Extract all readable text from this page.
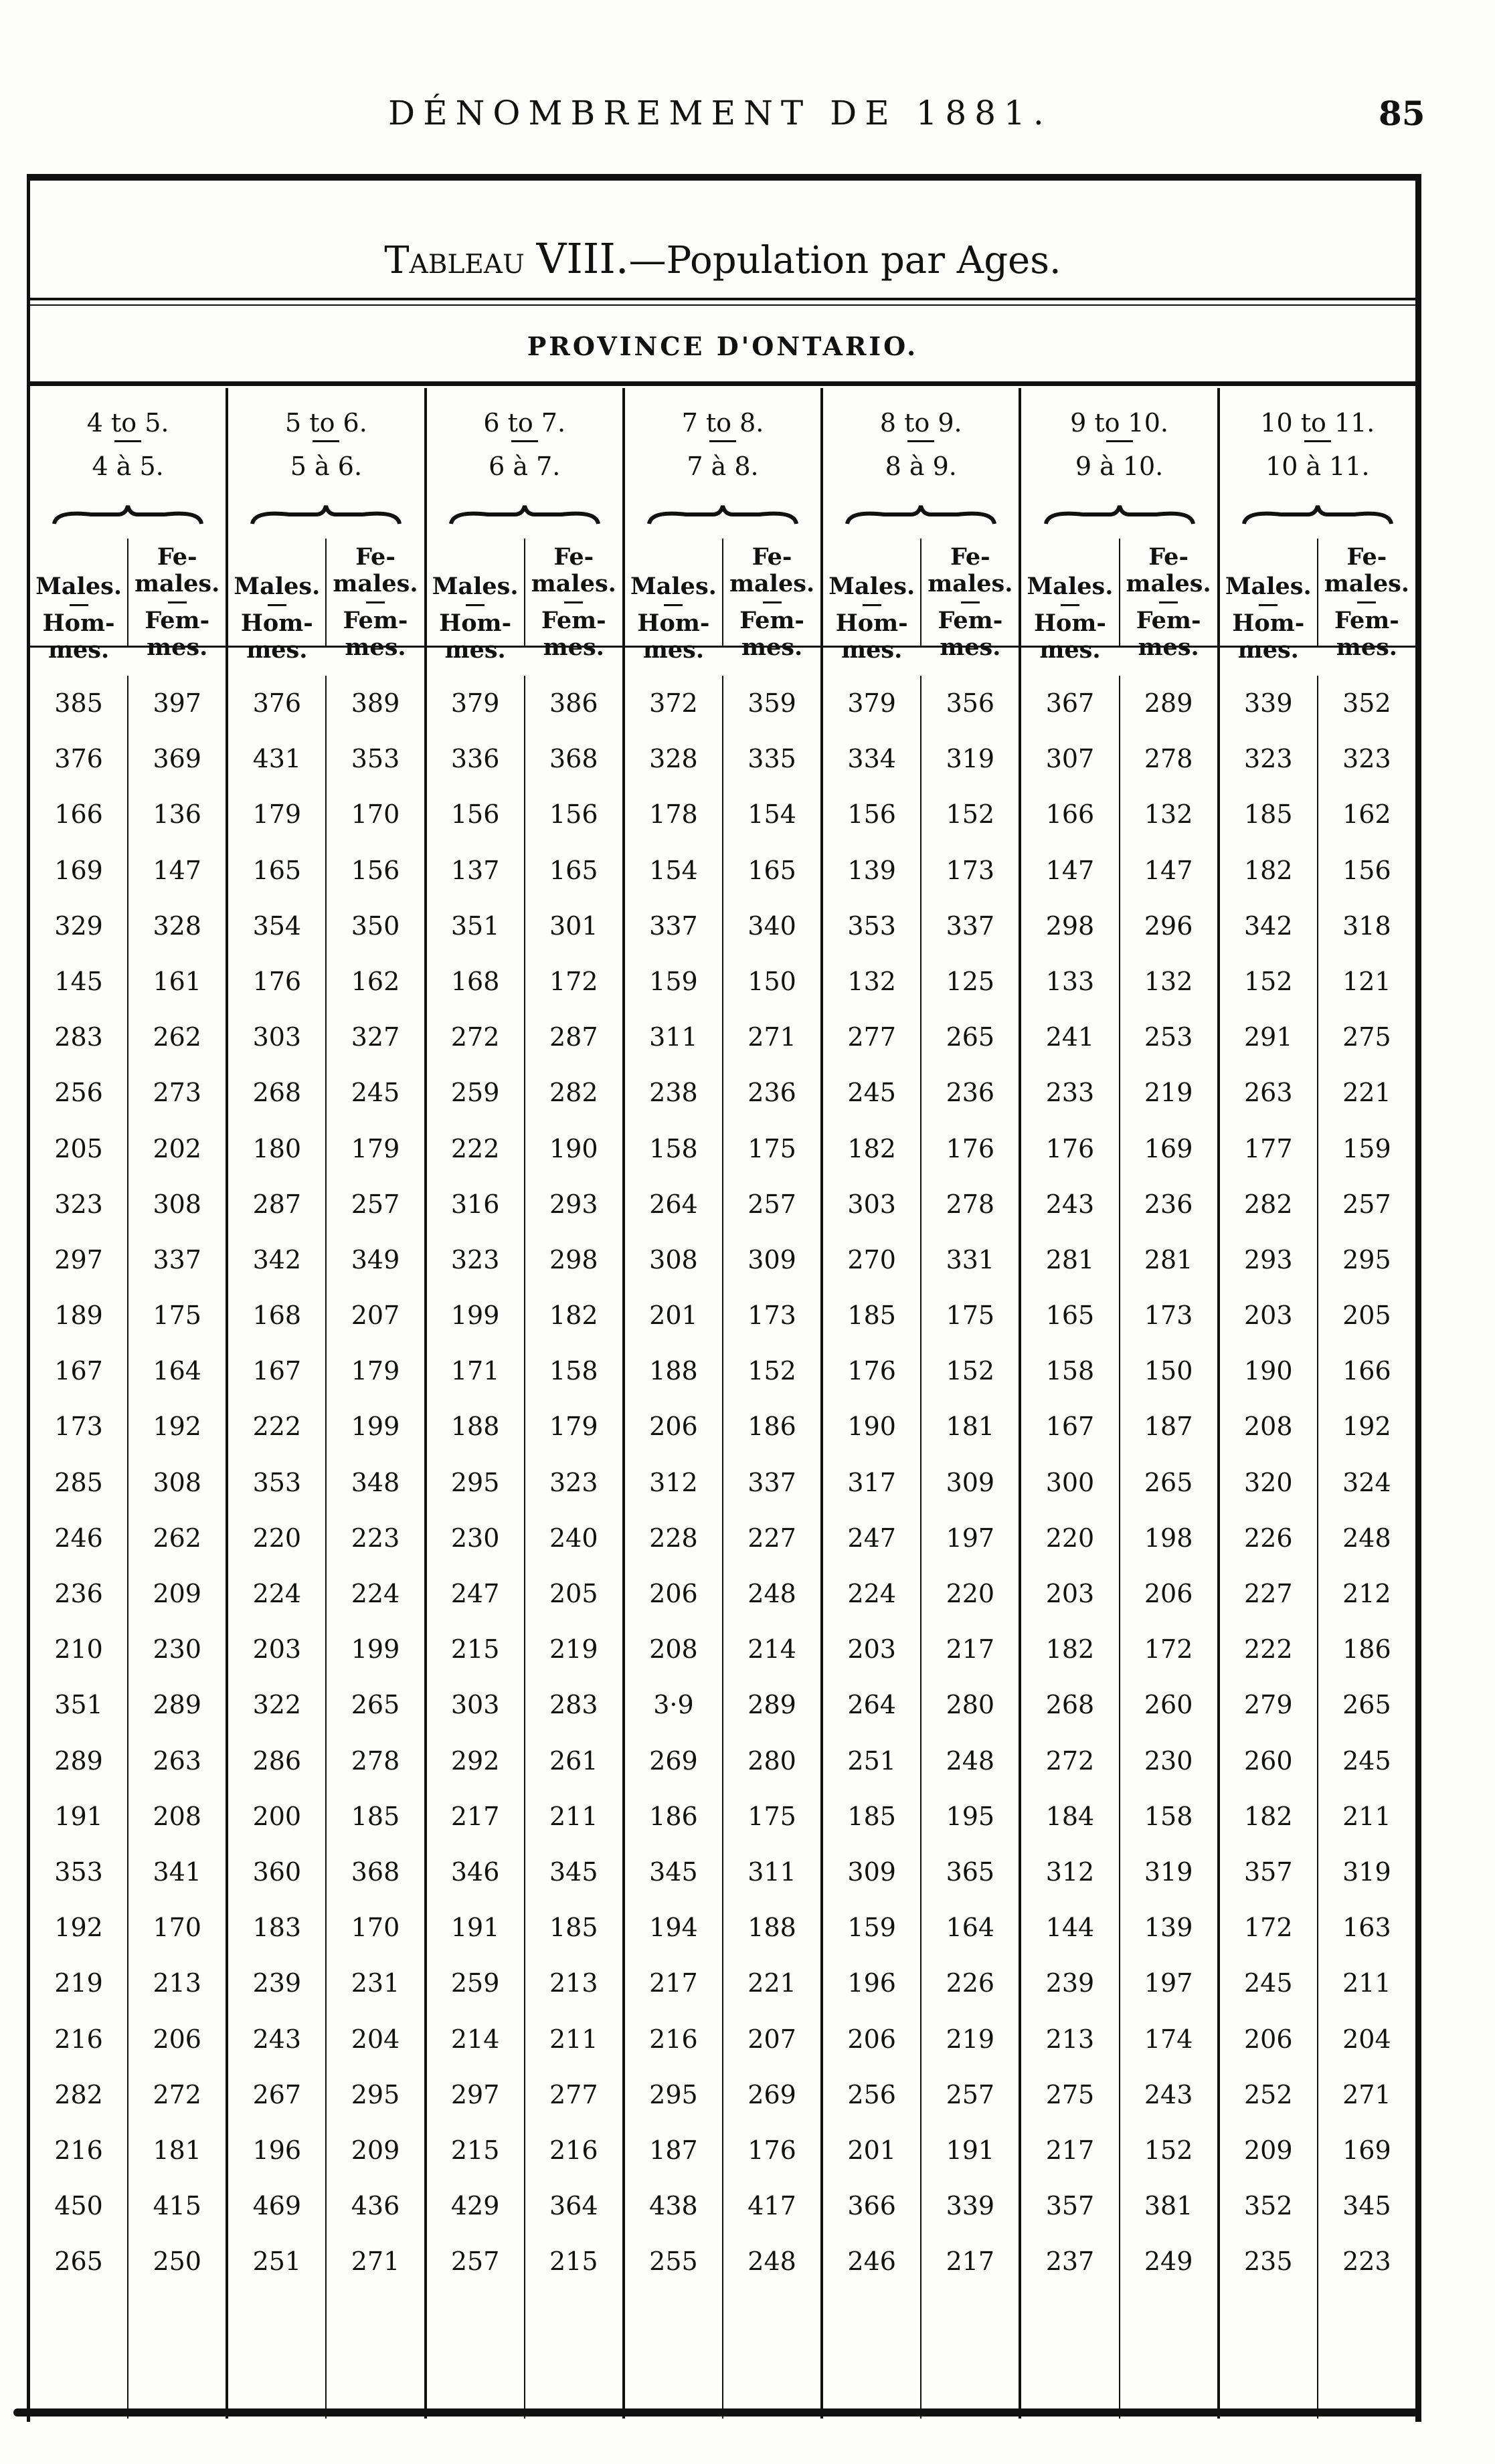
DÉNOMBREMENT DE 1881.	85
Tableau VIII.—Population par Ages.
PROVINCE D'ONTARIO.
4 to 5.
4 à 5.
Males.
Hom-
mes.
Fe-
males.
Fem-
mes.
385
376
166
169
329
145
283
256
205
323
297
189
167
173
285
246
236
210
351
289
191
353
192
219
216
282
216
450
265
397
369
136
147
328
161
262
273
202
308
337
175
164
192
308
262
209
230
289
263
208
341
170
213
206
272
181
415
250
5 to 6.
5 à 6.
Males.
Hom-
mes.
Fe-
males.
Fem-
mes.
376
431
179
165
354
176
303
268
180
287
342
168
167
222
353
220
224
203
322
286
200
360
183
239
243
267
196
469
251
389
353
170
156
350
162
327
245
179
257
349
207
179
199
348
223
224
199
265
278
185
368
170
231
204
295
209
436
271
6 to 7.
6 à 7.
Males.
Hom-
mes.
Fe-
males.
Fem-
mes.
379
336
156
137
351
168
272
259
222
316
323
199
171
188
295
230
247
215
303
292
217
346
191
259
214
297
215
429
257
386
368
156
165
301
172
287
282
190
293
298
182
158
179
323
240
205
219
283
261
211
345
185
213
211
277
216
364
215
7 to 8.
7 à 8.
Males.
Hom-
mes.
Fe-
males.
Fem-
mes.
372
328
178
154
337
159
311
238
158
264
308
201
188
206
312
228
206
208
3·9
269
186
345
194
217
216
295
187
438
255
359
335
154
165
340
150
271
236
175
257
309
173
152
186
337
227
248
214
289
280
175
311
188
221
207
269
176
417
248
8 to 9.
8 à 9.
Males.
Hom-
mes.
Fe-
males.
Fem-
mes.
379
334
156
139
353
132
277
245
182
303
270
185
176
190
317
247
224
203
264
251
185
309
159
196
206
256
201
366
246
356
319
152
173
337
125
265
236
176
278
331
175
152
181
309
197
220
217
280
248
195
365
164
226
219
257
191
339
217
9 to 10.
9 à 10.
Males.
Hom-
mes.
Fe-
males.
Fem-
mes.
367
307
166
147
298
133
241
233
176
243
281
165
158
167
300
220
203
182
268
272
184
312
144
239
213
275
217
357
237
289
278
132
147
296
132
253
219
169
236
281
173
150
187
265
198
206
172
260
230
158
319
139
197
174
243
152
381
249
10 to 11.
10 à 11.
Males.
Hom-
mes.
Fe-
males.
Fem-
mes.
339
323
185
182
342
152
291
263
177
282
293
203
190
208
320
226
227
222
279
260
182
357
172
245
206
252
209
352
235
352
323
162
156
318
121
275
221
159
257
295
205
166
192
324
248
212
186
265
245
211
319
163
211
204
271
169
345
223
